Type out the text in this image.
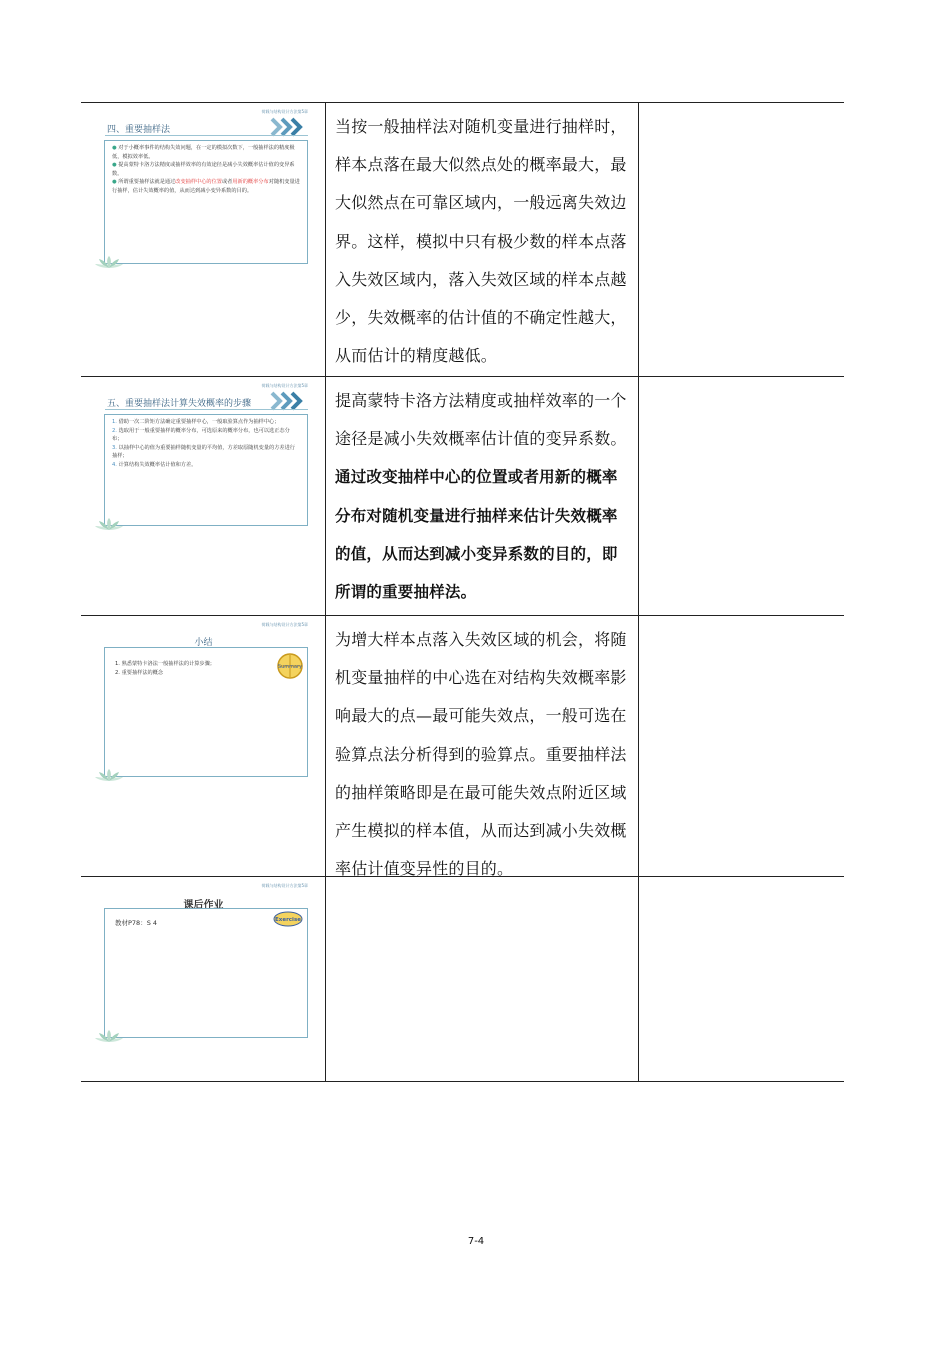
荷载与结构设计方法第5章
四、重要抽样法

● 对于小概率事件的结构失效问题，在一定的模拟次数下，一般抽样法的精度极低，模拟效率低。

● 提高蒙特卡洛方法精度或抽样效率的有效途径是减小失效概率估计值的变异系数。

● 所谓重要抽样法就是通过改变抽样中心的位置或者用新的概率分布对随机变量进行抽样，估计失效概率的值，从而达到减小变异系数的目的。

当按一般抽样法对随机变量进行抽样时，样本点落在最大似然点处的概率最大，最大似然点在可靠区域内，一般远离失效边界。这样，模拟中只有极少数的样本点落入失效区域内，落入失效区域的样本点越少，失效概率的估计值的不确定性越大，从而估计的精度越低。
荷载与结构设计方法第5章
五、重要抽样法计算失效概率的步骤

1. 借助一次二阶矩方法确定重要抽样中心，一般取验算点作为抽样中心；

2. 选取用于一般重要抽样的概率分布，可选原来的概率分布，也可以选正态分布；

3. 以抽样中心的值为重要抽样随机变量的平均值，方差取原随机变量的方差进行抽样；

4. 计算结构失效概率估计值和方差。

提高蒙特卡洛方法精度或抽样效率的一个途径是减小失效概率估计值的变异系数。通过改变抽样中心的位置或者用新的概率分布对随机变量进行抽样来估计失效概率的值，从而达到减小变异系数的目的，即所谓的重要抽样法。
荷载与结构设计方法第5章
小结
Summary

1. 熟悉蒙特卡洛法一般抽样法的计算步骤；

2. 重要抽样法的概念

为增大样本点落入失效区域的机会，将随机变量抽样的中心选在对结构失效概率影响最大的点—最可能失效点，一般可选在验算点法分析得到的验算点。重要抽样法的抽样策略即是在最可能失效点附近区域产生模拟的样本值，从而达到减小失效概率估计值变异性的目的。
荷载与结构设计方法第5章
课后作业
Exercise

教材P78：S 4

7-4
